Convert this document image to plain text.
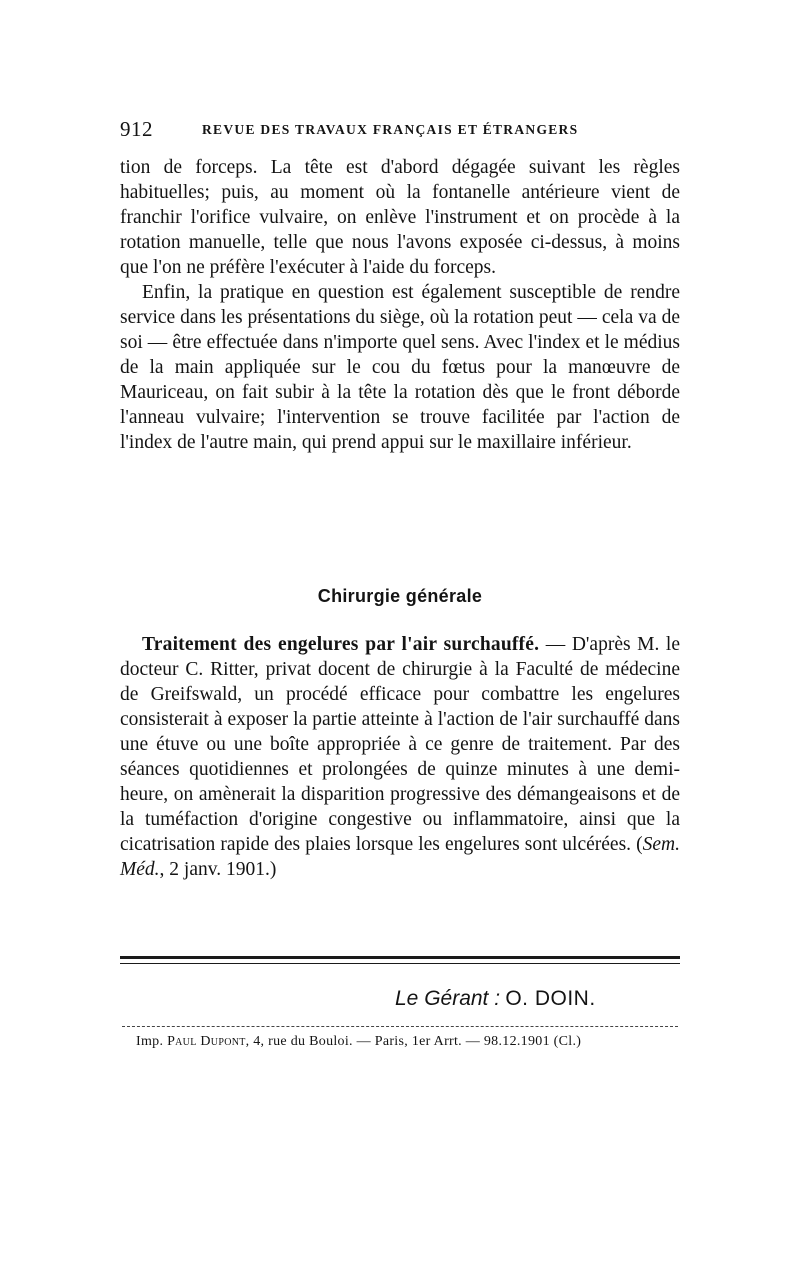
912	REVUE DES TRAVAUX FRANÇAIS ET ÉTRANGERS

tion de forceps. La tête est d'abord dégagée suivant les règles habituelles; puis, au moment où la fontanelle antérieure vient de franchir l'orifice vulvaire, on enlève l'instrument et on procède à la rotation manuelle, telle que nous l'avons exposée ci-dessus, à moins que l'on ne préfère l'exécuter à l'aide du forceps.

Enfin, la pratique en question est également susceptible de rendre service dans les présentations du siège, où la rotation peut — cela va de soi — être effectuée dans n'importe quel sens. Avec l'index et le médius de la main appliquée sur le cou du fœtus pour la manœuvre de Mauriceau, on fait subir à la tête la rotation dès que le front déborde l'anneau vulvaire; l'intervention se trouve facilitée par l'action de l'index de l'autre main, qui prend appui sur le maxillaire inférieur.

Chirurgie générale

Traitement des engelures par l'air surchauffé. — D'après M. le docteur C. Ritter, privat docent de chirurgie à la Faculté de médecine de Greifswald, un procédé efficace pour combattre les engelures consisterait à exposer la partie atteinte à l'action de l'air surchauffé dans une étuve ou une boîte appropriée à ce genre de traitement. Par des séances quotidiennes et prolongées de quinze minutes à une demi-heure, on amènerait la disparition progressive des démangeaisons et de la tuméfaction d'origine congestive ou inflammatoire, ainsi que la cicatrisation rapide des plaies lorsque les engelures sont ulcérées. (Sem. Méd., 2 janv. 1901.)

Le Gérant : O. DOIN.
Imp. Paul Dupont, 4, rue du Bouloi. — Paris, 1er Arrt. — 98.12.1901 (Cl.)
